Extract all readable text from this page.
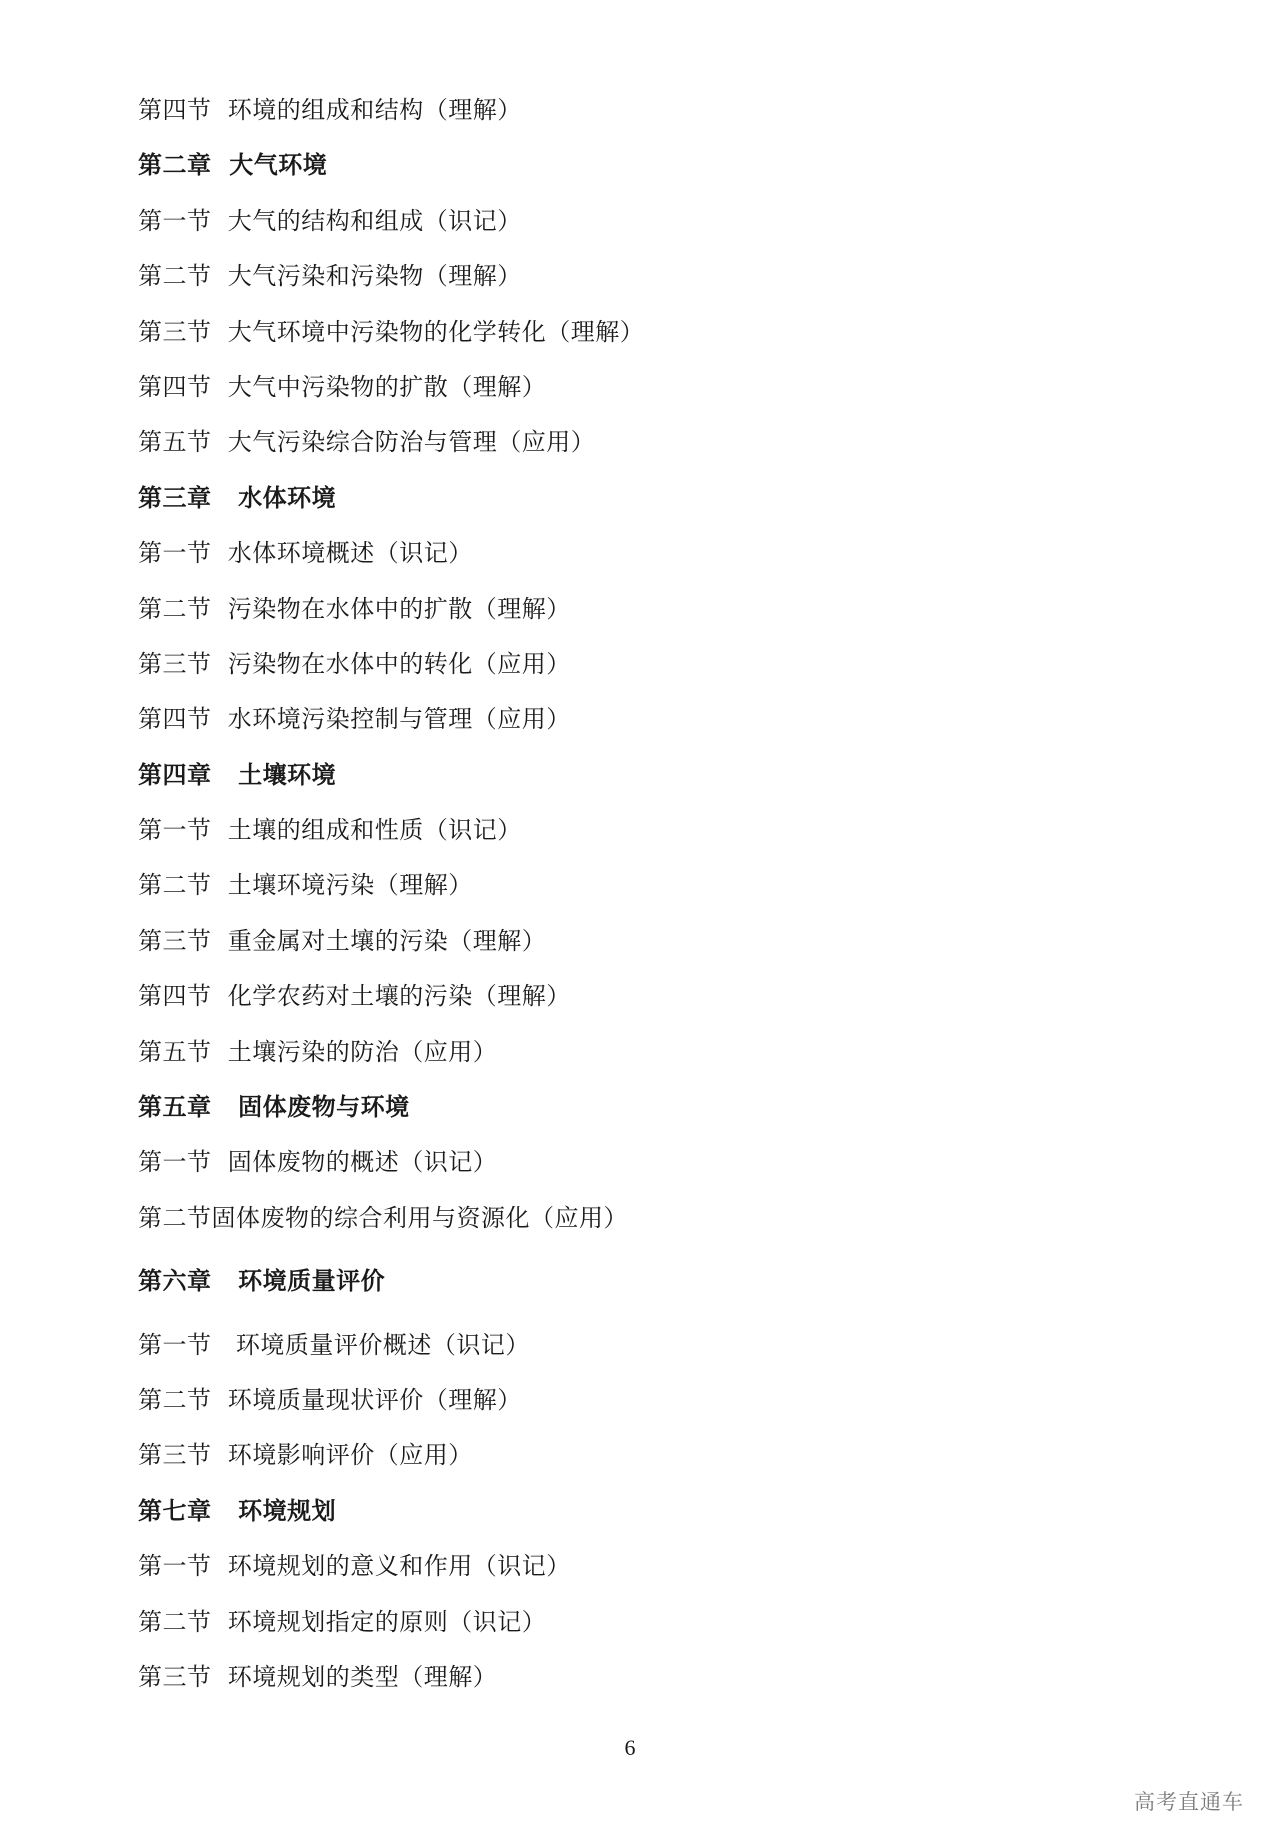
第四节  环境的组成和结构（理解）
第二章  大气环境
第一节  大气的结构和组成（识记）
第二节  大气污染和污染物（理解）
第三节  大气环境中污染物的化学转化（理解）
第四节  大气中污染物的扩散（理解）
第五节  大气污染综合防治与管理（应用）
第三章   水体环境
第一节  水体环境概述（识记）
第二节  污染物在水体中的扩散（理解）
第三节  污染物在水体中的转化（应用）
第四节  水环境污染控制与管理（应用）
第四章   土壤环境
第一节  土壤的组成和性质（识记）
第二节  土壤环境污染（理解）
第三节  重金属对土壤的污染（理解）
第四节  化学农药对土壤的污染（理解）
第五节  土壤污染的防治（应用）
第五章   固体废物与环境
第一节  固体废物的概述（识记）
第二节固体废物的综合利用与资源化（应用）
第六章   环境质量评价
第一节   环境质量评价概述（识记）
第二节  环境质量现状评价（理解）
第三节  环境影响评价（应用）
第七章   环境规划
第一节  环境规划的意义和作用（识记）
第二节  环境规划指定的原则（识记）
第三节  环境规划的类型（理解）
6
高考直通车
